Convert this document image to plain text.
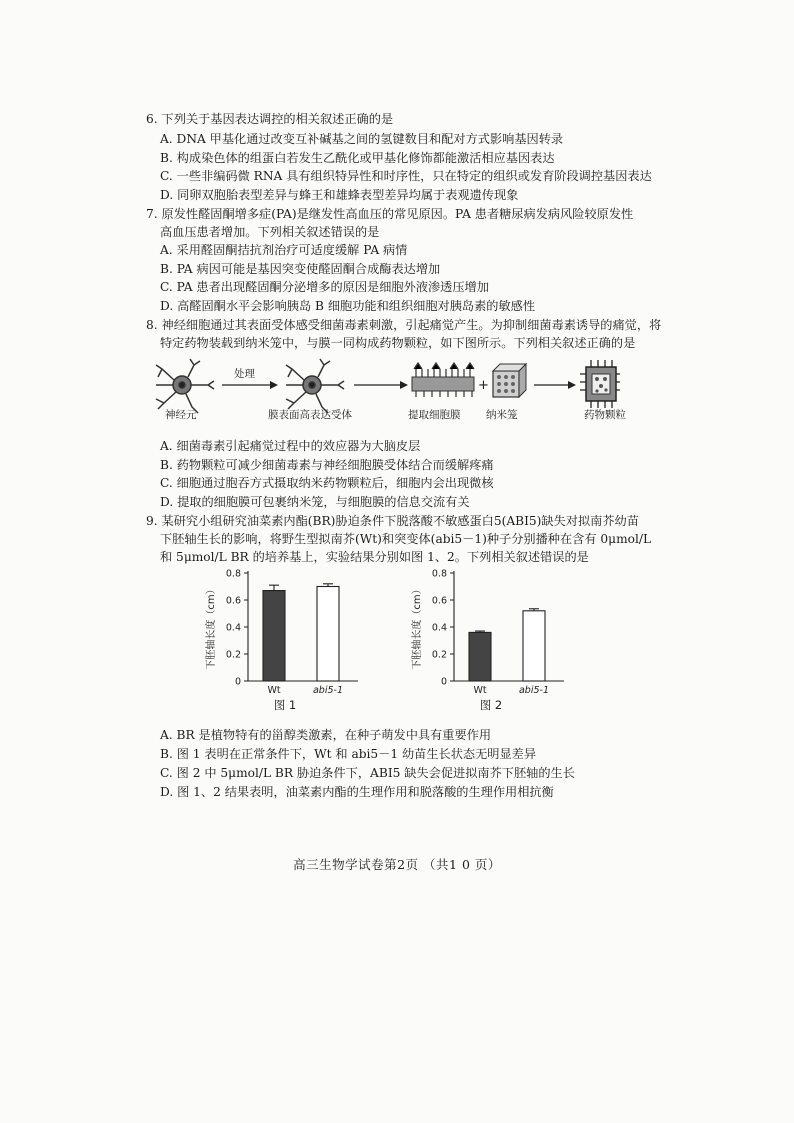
6. 下列关于基因表达调控的相关叙述正确的是
A. DNA 甲基化通过改变互补碱基之间的氢键数目和配对方式影响基因转录
B. 构成染色体的组蛋白若发生乙酰化或甲基化修饰都能激活相应基因表达
C. 一些非编码微 RNA 具有组织特异性和时序性，只在特定的组织或发育阶段调控基因表达
D. 同卵双胞胎表型差异与蜂王和雄蜂表型差异均属于表观遗传现象
7. 原发性醛固酮增多症(PA)是继发性高血压的常见原因。PA 患者糖尿病发病风险较原发性
高血压患者增加。下列相关叙述错误的是
A. 采用醛固酮拮抗剂治疗可适度缓解 PA 病情
B. PA 病因可能是基因突变使醛固酮合成酶表达增加
C. PA 患者出现醛固酮分泌增多的原因是细胞外液渗透压增加
D. 高醛固酮水平会影响胰岛 B 细胞功能和组织细胞对胰岛素的敏感性
8. 神经细胞通过其表面受体感受细菌毒素刺激，引起痛觉产生。为抑制细菌毒素诱导的痛觉，将
特定药物装载到纳米笼中，与膜一同构成药物颗粒，如下图所示。下列相关叙述正确的是
处理
+
神经元	膜表面高表达受体	提取细胞膜 纳米笼	药物颗粒
A. 细菌毒素引起痛觉过程中的效应器为大脑皮层
B. 药物颗粒可减少细菌毒素与神经细胞膜受体结合而缓解疼痛
C. 细胞通过胞吞方式摄取纳米药物颗粒后，细胞内会出现微核
D. 提取的细胞膜可包裹纳米笼，与细胞膜的信息交流有关
9. 某研究小组研究油菜素内酯(BR)胁迫条件下脱落酸不敏感蛋白5(ABI5)缺失对拟南芥幼苗
下胚轴生长的影响，将野生型拟南芥(Wt)和突变体(abi5－1)种子分别播种在含有 0μmol/L
和 5μmol/L BR 的培养基上，实验结果分别如图 1、2。下列相关叙述错误的是
0
0.2
0.4
0.6
0.8
下胚轴长度（cm）
Wt	abi5-1
图 1
0
0.2
0.4
0.6
0.8
下胚轴长度（cm）
Wt	abi5-1
图 2
A. BR 是植物特有的甾醇类激素，在种子萌发中具有重要作用
B. 图 1 表明在正常条件下，Wt 和 abi5－1 幼苗生长状态无明显差异
C. 图 2 中 5μmol/L BR 胁迫条件下，ABI5 缺失会促进拟南芥下胚轴的生长
D. 图 1、2 结果表明，油菜素内酯的生理作用和脱落酸的生理作用相抗衡
高三生物学试卷第2页 （共1 0 页）
